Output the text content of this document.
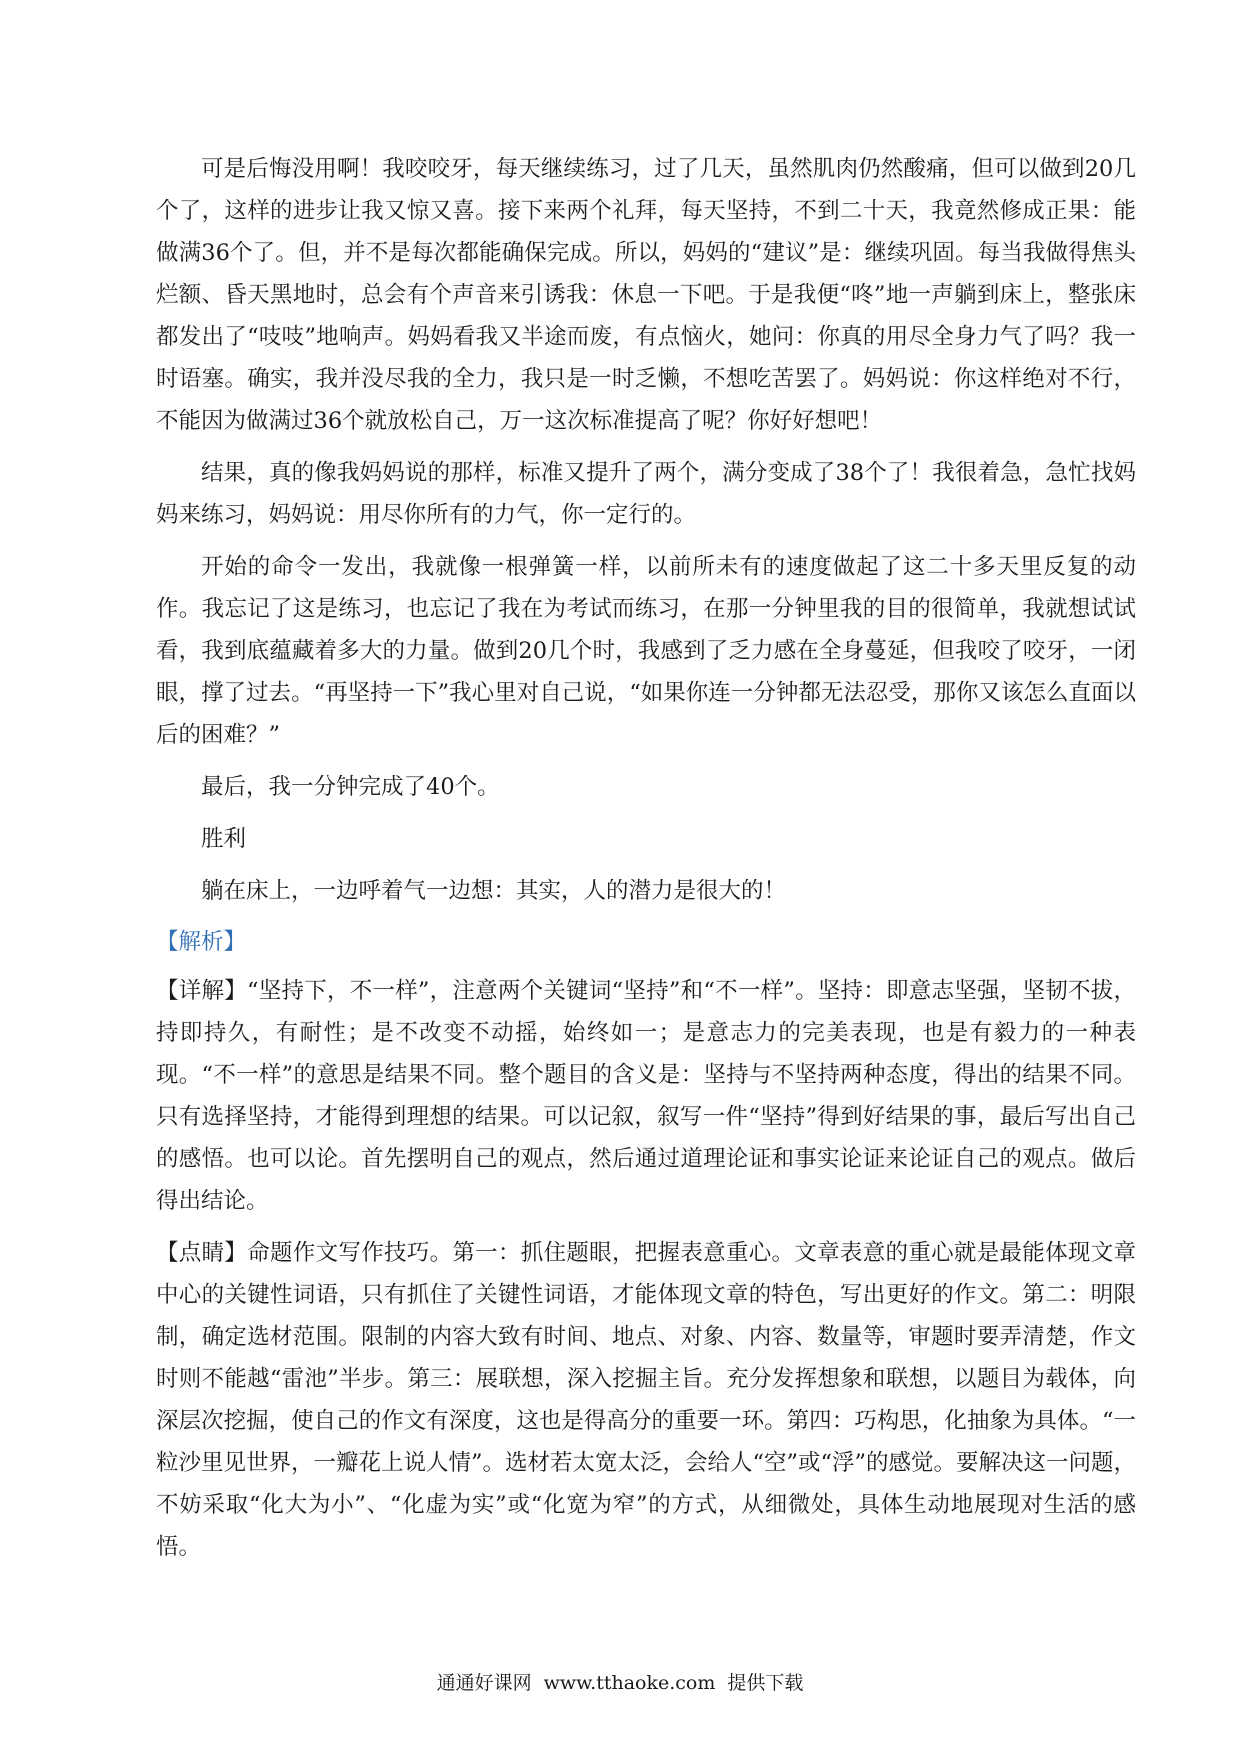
可是后悔没用啊！我咬咬牙，每天继续练习，过了几天，虽然肌肉仍然酸痛，但可以做到20几个了，这样的进步让我又惊又喜。接下来两个礼拜，每天坚持，不到二十天，我竟然修成正果：能做满36个了。但，并不是每次都能确保完成。所以，妈妈的“建议”是：继续巩固。每当我做得焦头烂额、昏天黑地时，总会有个声音来引诱我：休息一下吧。于是我便“咚”地一声躺到床上，整张床都发出了“吱吱”地响声。妈妈看我又半途而废，有点恼火，她问：你真的用尽全身力气了吗？我一时语塞。确实，我并没尽我的全力，我只是一时乏懒，不想吃苦罢了。妈妈说：你这样绝对不行，不能因为做满过36个就放松自己，万一这次标准提高了呢？你好好想吧！

结果，真的像我妈妈说的那样，标准又提升了两个，满分变成了38个了！我很着急，急忙找妈妈来练习，妈妈说：用尽你所有的力气，你一定行的。

开始的命令一发出，我就像一根弹簧一样，以前所未有的速度做起了这二十多天里反复的动作。我忘记了这是练习，也忘记了我在为考试而练习，在那一分钟里我的目的很简单，我就想试试看，我到底蕴藏着多大的力量。做到20几个时，我感到了乏力感在全身蔓延，但我咬了咬牙，一闭眼，撑了过去。“再坚持一下”我心里对自己说，“如果你连一分钟都无法忍受，那你又该怎么直面以后的困难？”

最后，我一分钟完成了40个。

胜利

躺在床上，一边呼着气一边想：其实，人的潜力是很大的！

【解析】

【详解】“坚持下，不一样”，注意两个关键词“坚持”和“不一样”。坚持：即意志坚强，坚韧不拔，持即持久，有耐性；是不改变不动摇，始终如一；是意志力的完美表现，也是有毅力的一种表现。“不一样”的意思是结果不同。整个题目的含义是：坚持与不坚持两种态度，得出的结果不同。只有选择坚持，才能得到理想的结果。可以记叙，叙写一件“坚持”得到好结果的事，最后写出自己的感悟。也可以论。首先摆明自己的观点，然后通过道理论证和事实论证来论证自己的观点。做后得出结论。

【点睛】命题作文写作技巧。第一：抓住题眼，把握表意重心。文章表意的重心就是最能体现文章中心的关键性词语，只有抓住了关键性词语，才能体现文章的特色，写出更好的作文。第二：明限制，确定选材范围。限制的内容大致有时间、地点、对象、内容、数量等，审题时要弄清楚，作文时则不能越“雷池”半步。第三：展联想，深入挖掘主旨。充分发挥想象和联想，以题目为载体，向深层次挖掘，使自己的作文有深度，这也是得高分的重要一环。第四：巧构思，化抽象为具体。“一粒沙里见世界，一瓣花上说人情”。选材若太宽太泛，会给人“空”或“浮”的感觉。要解决这一问题，不妨采取“化大为小”、“化虚为实”或“化宽为窄”的方式，从细微处，具体生动地展现对生活的感悟。

通通好课网 www.tthaoke.com 提供下载
